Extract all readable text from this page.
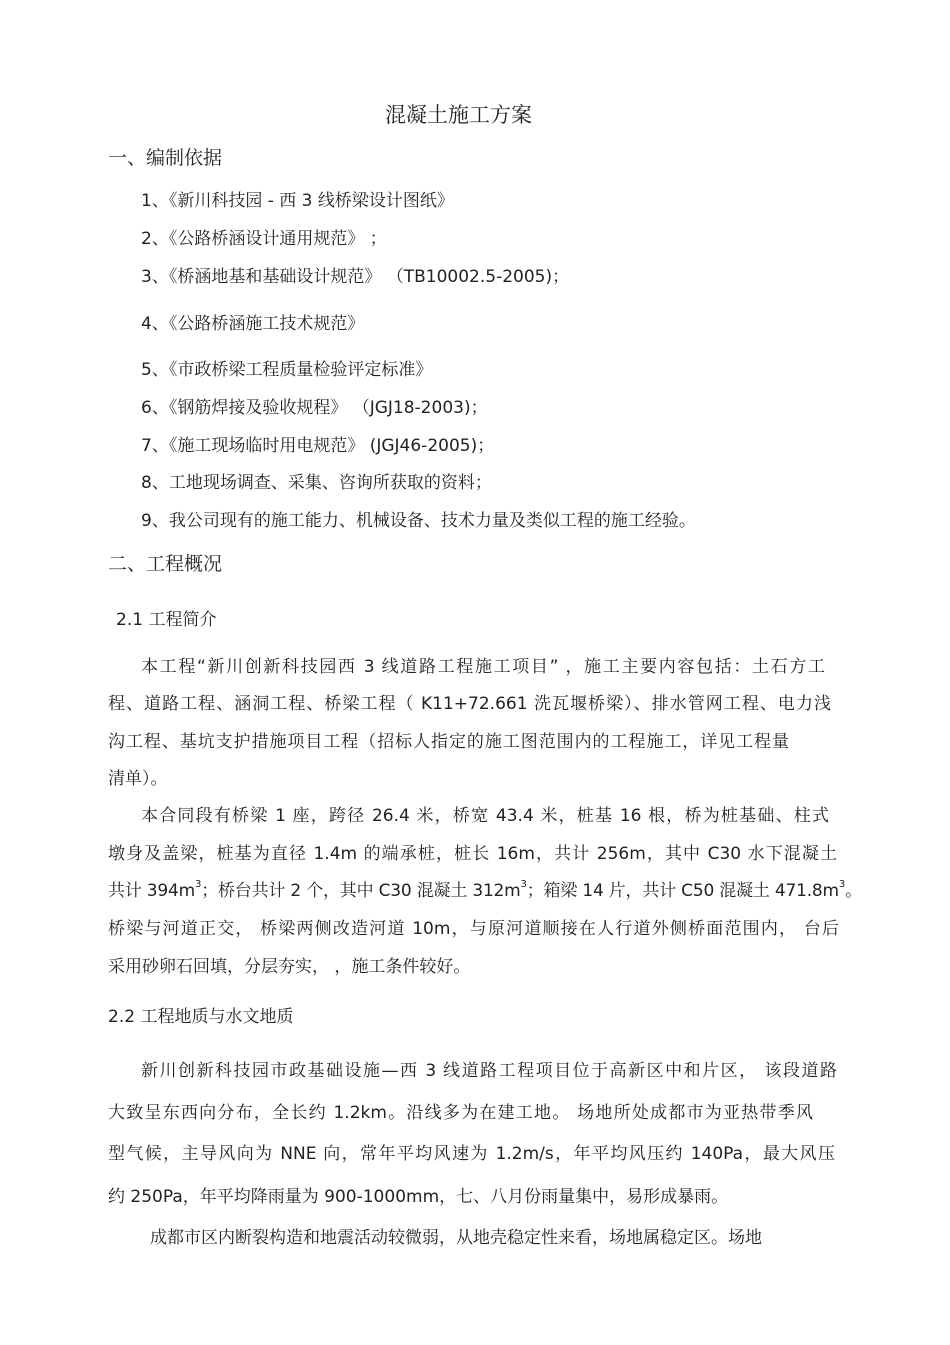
混凝土施工方案
一、编制依据
1、《新川科技园 - 西 3 线桥梁设计图纸》
2、《公路桥涵设计通用规范》 ；
3、《桥涵地基和基础设计规范》 （TB10002.5-2005)；
4、《公路桥涵施工技术规范》
5、《市政桥梁工程质量检验评定标准》
6、《钢筋焊接及验收规程》 （JGJ18-2003)；
7、《施工现场临时用电规范》 (JGJ46-2005)；
8、工地现场调查、采集、咨询所获取的资料；
9、我公司现有的施工能力、机械设备、技术力量及类似工程的施工经验。
二、工程概况
2.1 工程简介
本工程“新川创新科技园西 3 线道路工程施工项目” ，施工主要内容包括：土石方工
程、道路工程、涵洞工程、桥梁工程（ K11+72.661 洗瓦堰桥梁）、排水管网工程、电力浅
沟工程、基坑支护措施项目工程（招标人指定的施工图范围内的工程施工，详见工程量
清单）。
本合同段有桥梁 1 座，跨径 26.4 米，桥宽 43.4 米，桩基 16 根，桥为桩基础、柱式
墩身及盖梁，桩基为直径 1.4m 的端承桩，桩长 16m，共计 256m，其中 C30 水下混凝土
共计 $394m^3$；桥台共计 2 个，其中 C30 混凝土 $312m^3$；箱梁 14 片，共计 C50 混凝土 $471.8m^3$。
桥梁与河道正交， 桥梁两侧改造河道 10m，与原河道顺接在人行道外侧桥面范围内， 台后
采用砂卵石回填，分层夯实， ，施工条件较好。
2.2 工程地质与水文地质
新川创新科技园市政基础设施—西 3 线道路工程项目位于高新区中和片区， 该段道路
大致呈东西向分布，全长约 1.2km。沿线多为在建工地。 场地所处成都市为亚热带季风
型气候，主导风向为 NNE 向，常年平均风速为 1.2m/s，年平均风压约 140Pa，最大风压
约 250Pa，年平均降雨量为 900-1000mm，七、八月份雨量集中，易形成暴雨。
成都市区内断裂构造和地震活动较微弱，从地壳稳定性来看，场地属稳定区。场地
